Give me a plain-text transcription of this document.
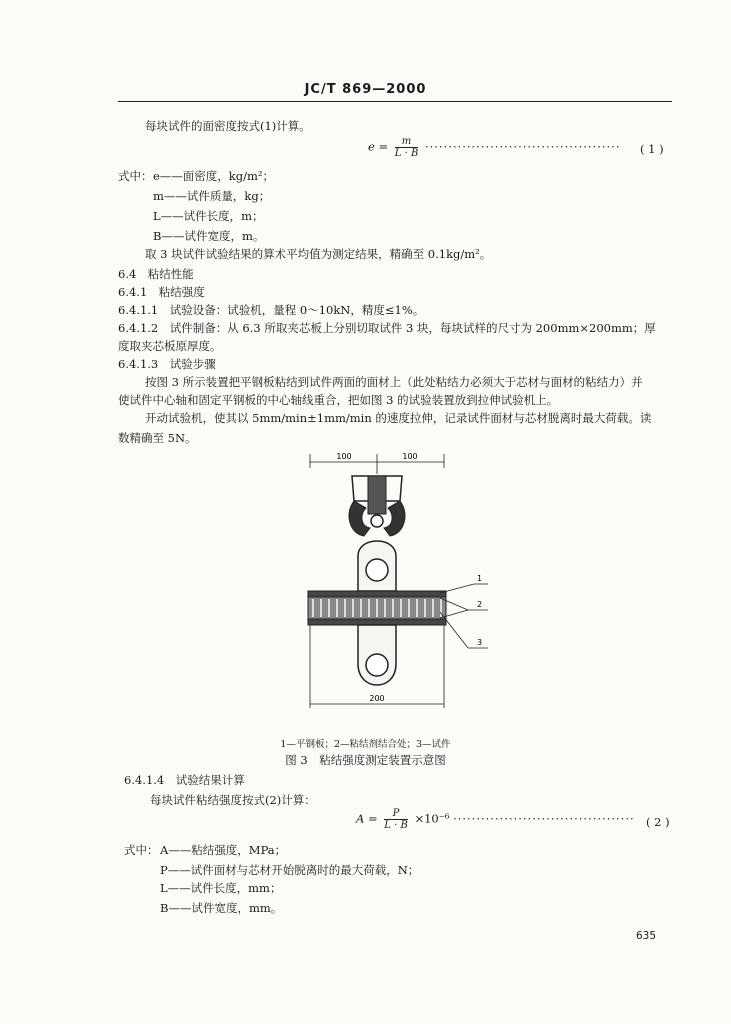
JC/T 869—2000
每块试件的面密度按式(1)计算。
$e = \frac{m}{L \cdot B}$ ·········································· ( 1 )
式中： e——面密度，kg/m²；
m——试件质量，kg；
L——试件长度，m；
B——试件宽度，m。
取 3 块试件试验结果的算术平均值为测定结果，精确至 0.1kg/m²。
6.4　粘结性能
6.4.1　粘结强度
6.4.1.1　试验设备：试验机，量程 0～10kN，精度≤1%。
6.4.1.2　试件制备：从 6.3 所取夹芯板上分别切取试件 3 块，每块试样的尺寸为 200mm×200mm；厚
度取夹芯板原厚度。
6.4.1.3　试验步骤
按图 3 所示装置把平钢板粘结到试件两面的面材上（此处粘结力必须大于芯材与面材的粘结力）并
使试件中心轴和固定平钢板的中心轴线重合，把如图 3 的试验装置放到拉伸试验机上。
开动试验机，使其以 5mm/min±1mm/min 的速度拉伸，记录试件面材与芯材脱离时最大荷载。读
数精确至 5N。
100	100
200
1
2
3
1—平钢板；2—粘结剂结合处；3—试件
图 3　粘结强度测定装置示意图
6.4.1.4　试验结果计算
每块试件粘结强度按式(2)计算：
$A = \frac{P}{L \cdot B} \times 10^{-6}$ ······································· ( 2 )
式中： A——粘结强度，MPa；
P——试件面材与芯材开始脱离时的最大荷载，N；
L——试件长度，mm；
B——试件宽度，mm。
635
